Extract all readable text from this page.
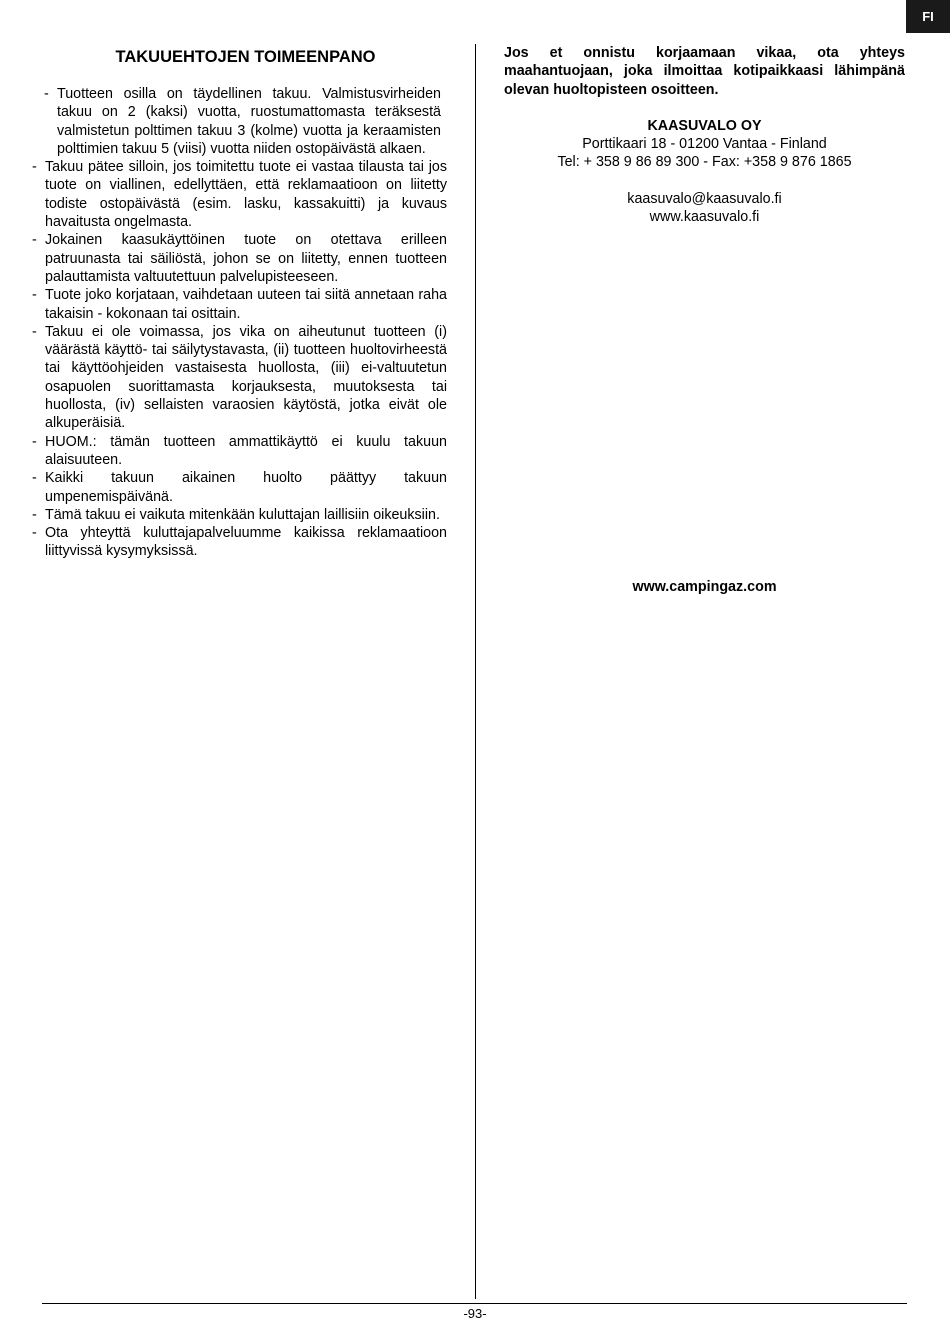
FI
TAKUUEHTOJEN TOIMEENPANO
- Tuotteen osilla on täydellinen takuu. Valmistusvirheiden takuu on 2 (kaksi) vuotta, ruostumattomasta teräksestä valmistetun polttimen takuu 3 (kolme) vuotta ja keraamisten polttimien takuu 5 (viisi) vuotta niiden ostopäivästä alkaen.
- Takuu pätee silloin, jos toimitettu tuote ei vastaa tilausta tai jos tuote on viallinen, edellyttäen, että reklamaatioon on liitetty todiste ostopäivästä (esim. lasku, kassakuitti) ja kuvaus havaitusta ongelmasta.
- Jokainen kaasukäyttöinen tuote on otettava erilleen patruunasta tai säiliöstä, johon se on liitetty, ennen tuotteen palauttamista valtuutettuun palvelupisteeseen.
- Tuote joko korjataan, vaihdetaan uuteen tai siitä annetaan raha takaisin - kokonaan tai osittain.
- Takuu ei ole voimassa, jos vika on aiheutunut tuotteen (i) väärästä käyttö- tai säilytystavasta, (ii) tuotteen huoltovirheestä tai käyttöohjeiden vastaisesta huollosta, (iii) ei-valtuutetun osapuolen suorittamasta korjauksesta, muutoksesta tai huollosta, (iv) sellaisten varaosien käytöstä, jotka eivät ole alkuperäisiä.
- HUOM.: tämän tuotteen ammattikäyttö ei kuulu takuun alaisuuteen.
- Kaikki takuun aikainen huolto päättyy takuun umpenemispäivänä.
- Tämä takuu ei vaikuta mitenkään kuluttajan laillisiin oikeuksiin.
- Ota yhteyttä kuluttajapalveluumme kaikissa reklamaatioon liittyvissä kysymyksissä.

Jos et onnistu korjaamaan vikaa, ota yhteys maahantuojaan, joka ilmoittaa kotipaikkaasi lähimpänä olevan huoltopisteen osoitteen.

KAASUVALO OY
Porttikaari 18 - 01200 Vantaa - Finland
Tel: + 358 9 86 89 300 - Fax: +358 9 876 1865
kaasuvalo@kaasuvalo.fi
www.kaasuvalo.fi
www.campingaz.com
-93-
